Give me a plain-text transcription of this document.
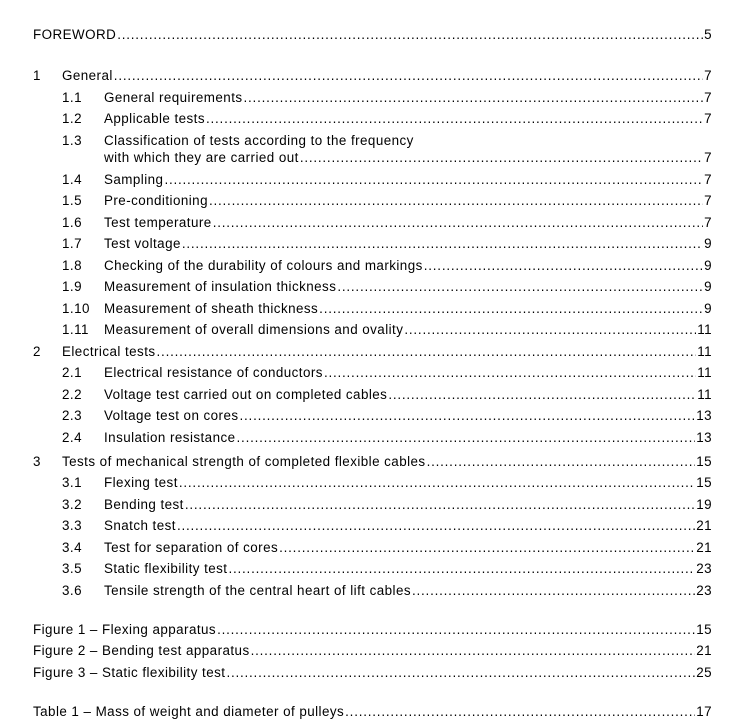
FOREWORD .....	5
1	General .....	7
1.1	General requirements .....	7
1.2	Applicable tests .....	7
1.3 Classification of tests according to the frequency
with which they are carried out .....	7
1.4	Sampling .....	7
1.5	Pre-conditioning .....	7
1.6	Test temperature .....	7
1.7	Test voltage .....	9
1.8	Checking of the durability of colours and markings .....	9
1.9	Measurement of insulation thickness .....	9
1.10	Measurement of sheath thickness .....	9
1.11	Measurement of overall dimensions and ovality .....	11
2	Electrical tests .....	11
2.1	Electrical resistance of conductors .....	11
2.2	Voltage test carried out on completed cables .....	11
2.3	Voltage test on cores .....	13
2.4	Insulation resistance .....	13
3	Tests of mechanical strength of completed flexible cables .....	15
3.1	Flexing test .....	15
3.2	Bending test .....	19
3.3	Snatch test .....	21
3.4	Test for separation of cores .....	21
3.5	Static flexibility test .....	23
3.6	Tensile strength of the central heart of lift cables .....	23
Figure 1 – Flexing apparatus .....	15
Figure 2 – Bending test apparatus .....	21
Figure 3 – Static flexibility test .....	25
Table 1 – Mass of weight and diameter of pulleys .....	17
